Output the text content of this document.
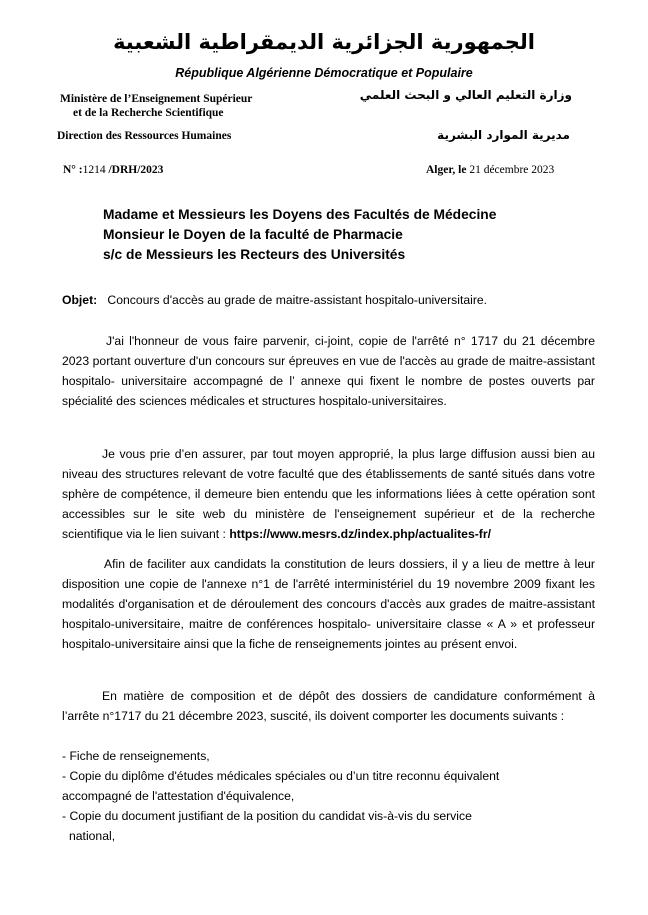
الجمهورية الجزائرية الديمقراطية الشعبية
République Algérienne Démocratique et Populaire
Ministère de l’Enseignement Supérieur
et de la Recherche Scientifique
وزارة التعليم العالي و البحث العلمي
Direction des Ressources Humaines	مديرية الموارد البشرية
N° :1214 /DRH/2023	Alger, le 21 décembre 2023
Madame et Messieurs les Doyens des Facultés de Médecine
Monsieur le Doyen de la faculté de Pharmacie
s/c de Messieurs les Recteurs des Universités
Objet: Concours d'accès au grade de maitre-assistant hospitalo-universitaire.
J'ai l'honneur de vous faire parvenir, ci-joint, copie de l'arrêté n° 1717 du 21 décembre 2023 portant ouverture d'un concours sur épreuves en vue de l'accès au grade de maitre-assistant hospitalo- universitaire accompagné de l’ annexe qui fixent le nombre de postes ouverts par spécialité des sciences médicales et structures hospitalo-universitaires.
Je vous prie d’en assurer, par tout moyen approprié, la plus large diffusion aussi bien au niveau des structures relevant de votre faculté que des établissements de santé situés dans votre sphère de compétence, il demeure bien entendu que les informations liées à cette opération sont accessibles sur le site web du ministère de l'enseignement supérieur et de la recherche scientifique via le lien suivant : https://www.mesrs.dz/index.php/actualites-fr/
Afin de faciliter aux candidats la constitution de leurs dossiers, il y a lieu de mettre à leur disposition une copie de l'annexe n°1 de l'arrêté interministériel du 19 novembre 2009 fixant les modalités d'organisation et de déroulement des concours d'accès aux grades de maitre-assistant hospitalo-universitaire, maitre de conférences hospitalo- universitaire classe « A » et professeur hospitalo-universitaire ainsi que la fiche de renseignements jointes au présent envoi.
En matière de composition et de dépôt des dossiers de candidature conformément à l’arrête n°1717 du 21 décembre 2023, suscité, ils doivent comporter les documents suivants :
- Fiche de renseignements,
- Copie du diplôme d'études médicales spéciales ou d’un titre reconnu équivalent
accompagné de l'attestation d'équivalence,
- Copie du document justifiant de la position du candidat vis-à-vis du service
national,
